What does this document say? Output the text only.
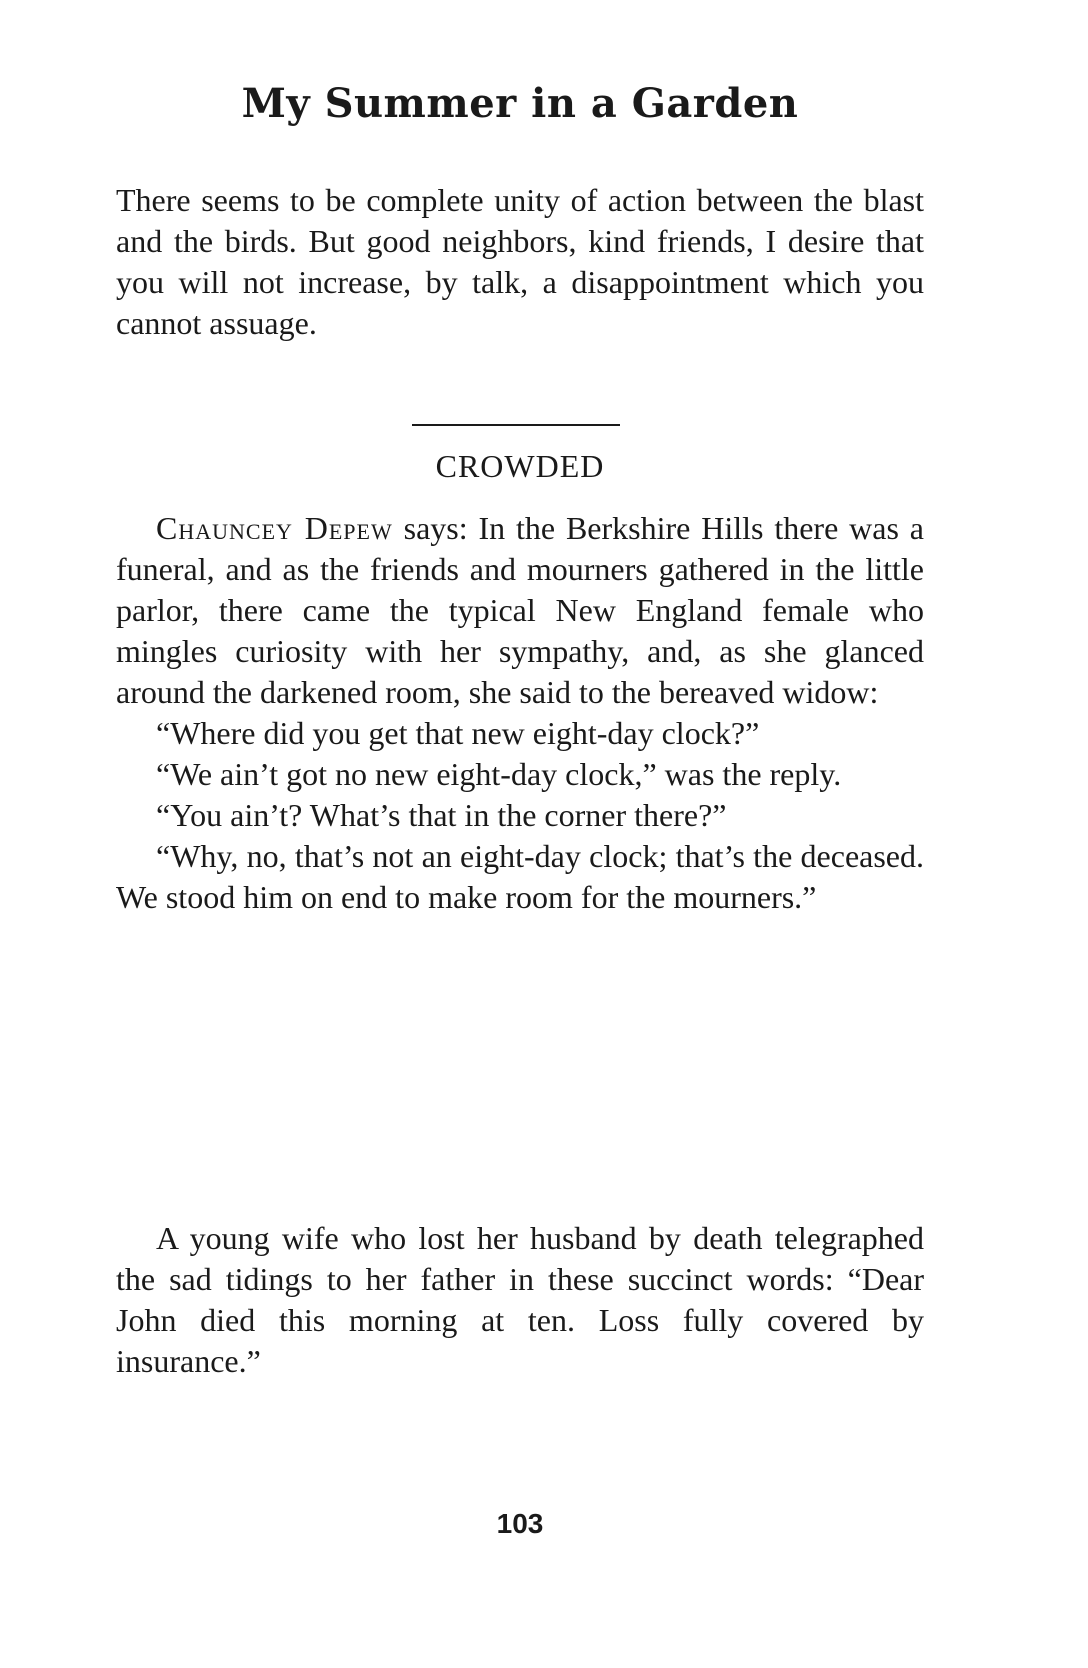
My Summer in a Garden

There seems to be complete unity of action between the blast and the birds. But good neighbors, kind friends, I desire that you will not increase, by talk, a disappointment which you cannot assuage.

CROWDED

Chauncey Depew says: In the Berkshire Hills there was a funeral, and as the friends and mourners gathered in the little parlor, there came the typical New England female who mingles curiosity with her sympathy, and, as she glanced around the darkened room, she said to the bereaved widow:

“Where did you get that new eight-day clock?”

“We ain’t got no new eight-day clock,” was the reply.

“You ain’t? What’s that in the corner there?”

“Why, no, that’s not an eight-day clock; that’s the deceased. We stood him on end to make room for the mourners.”

A young wife who lost her husband by death telegraphed the sad tidings to her father in these succinct words: “Dear John died this morning at ten. Loss fully covered by insurance.”

103
